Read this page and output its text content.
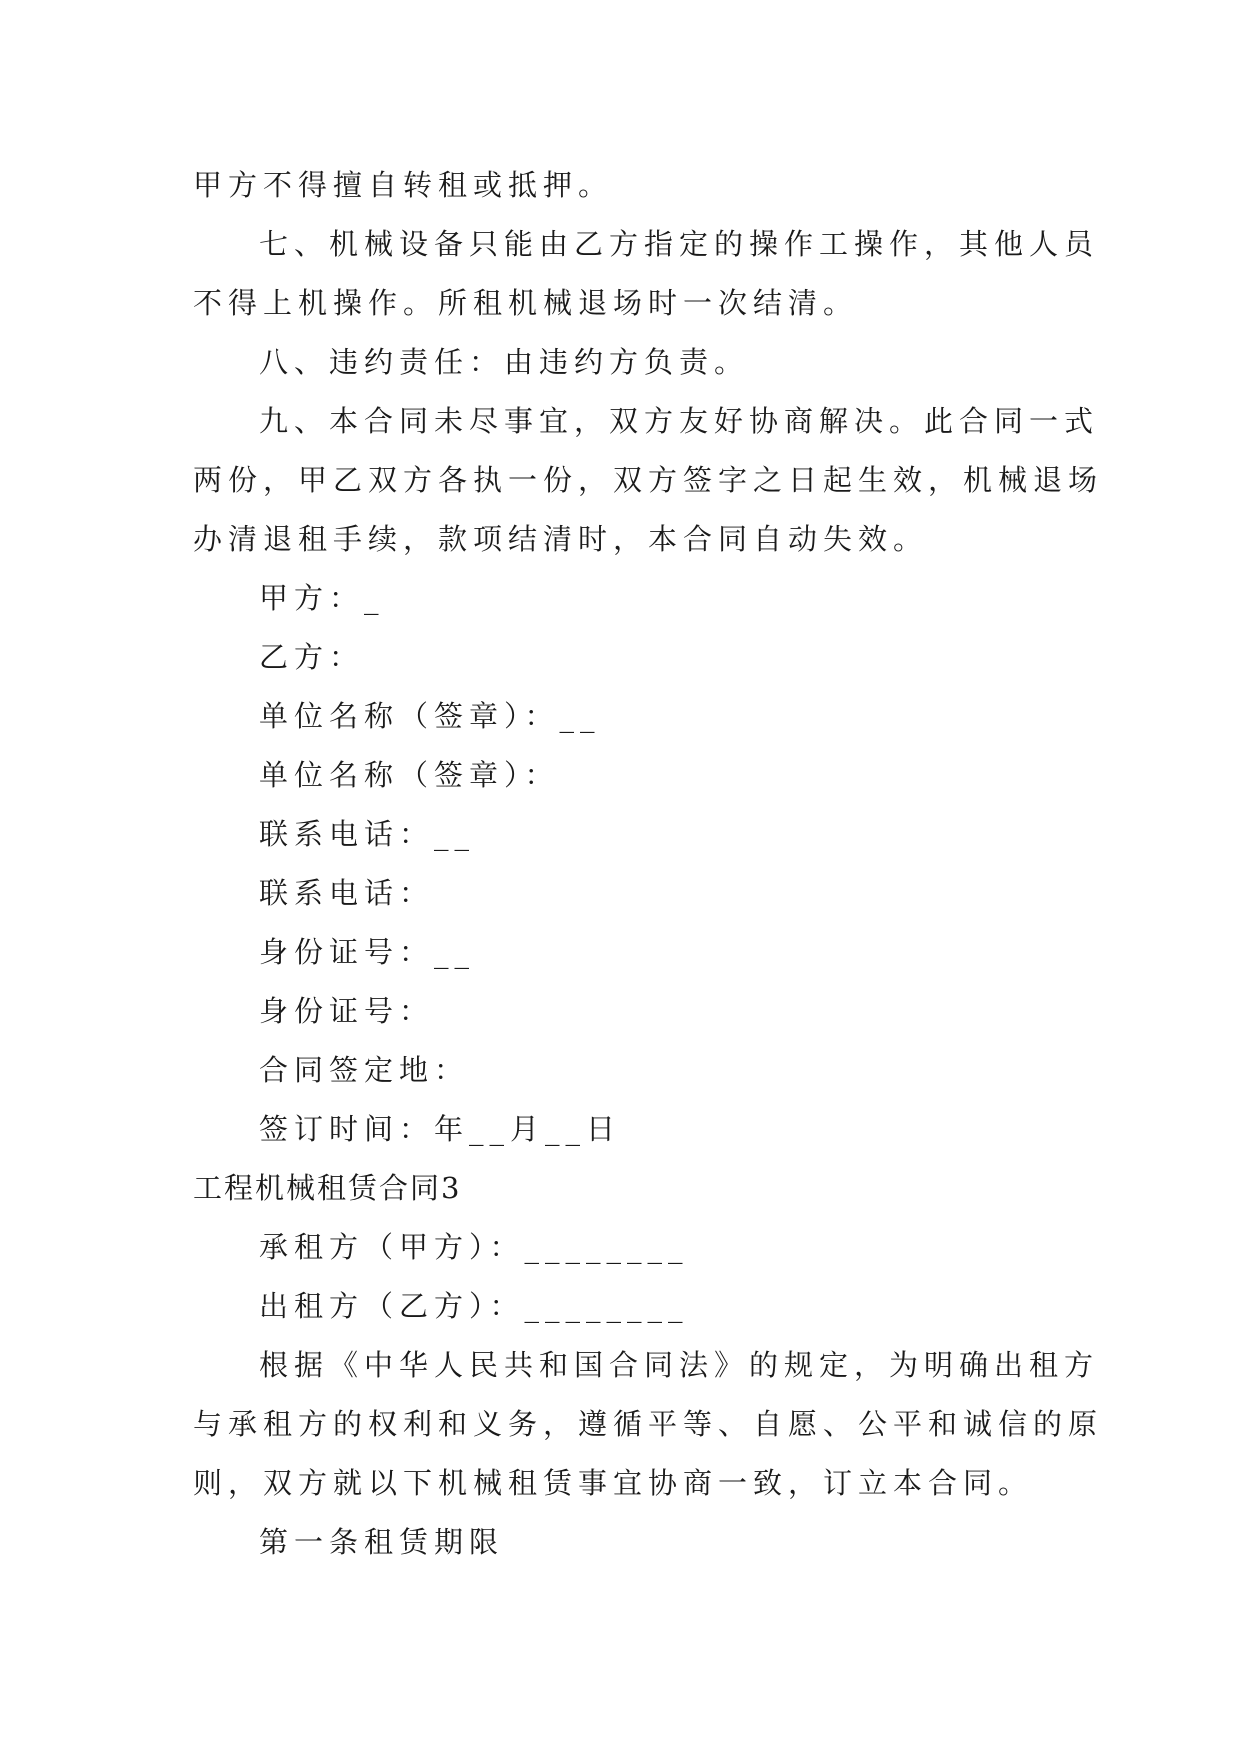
甲方不得擅自转租或抵押。
七、机械设备只能由乙方指定的操作工操作，其他人员
不得上机操作。所租机械退场时一次结清。
八、违约责任：由违约方负责。
九、本合同未尽事宜，双方友好协商解决。此合同一式
两份，甲乙双方各执一份，双方签字之日起生效，机械退场
办清退租手续，款项结清时，本合同自动失效。
甲方：_
乙方：
单位名称（签章）：__
单位名称（签章）：
联系电话：__
联系电话：
身份证号：__
身份证号：
合同签定地：
签订时间：年__月__日
工程机械租赁合同3
承租方（甲方）：________
出租方（乙方）：________
根据《中华人民共和国合同法》的规定，为明确出租方
与承租方的权利和义务，遵循平等、自愿、公平和诚信的原
则，双方就以下机械租赁事宜协商一致，订立本合同。
第一条租赁期限
